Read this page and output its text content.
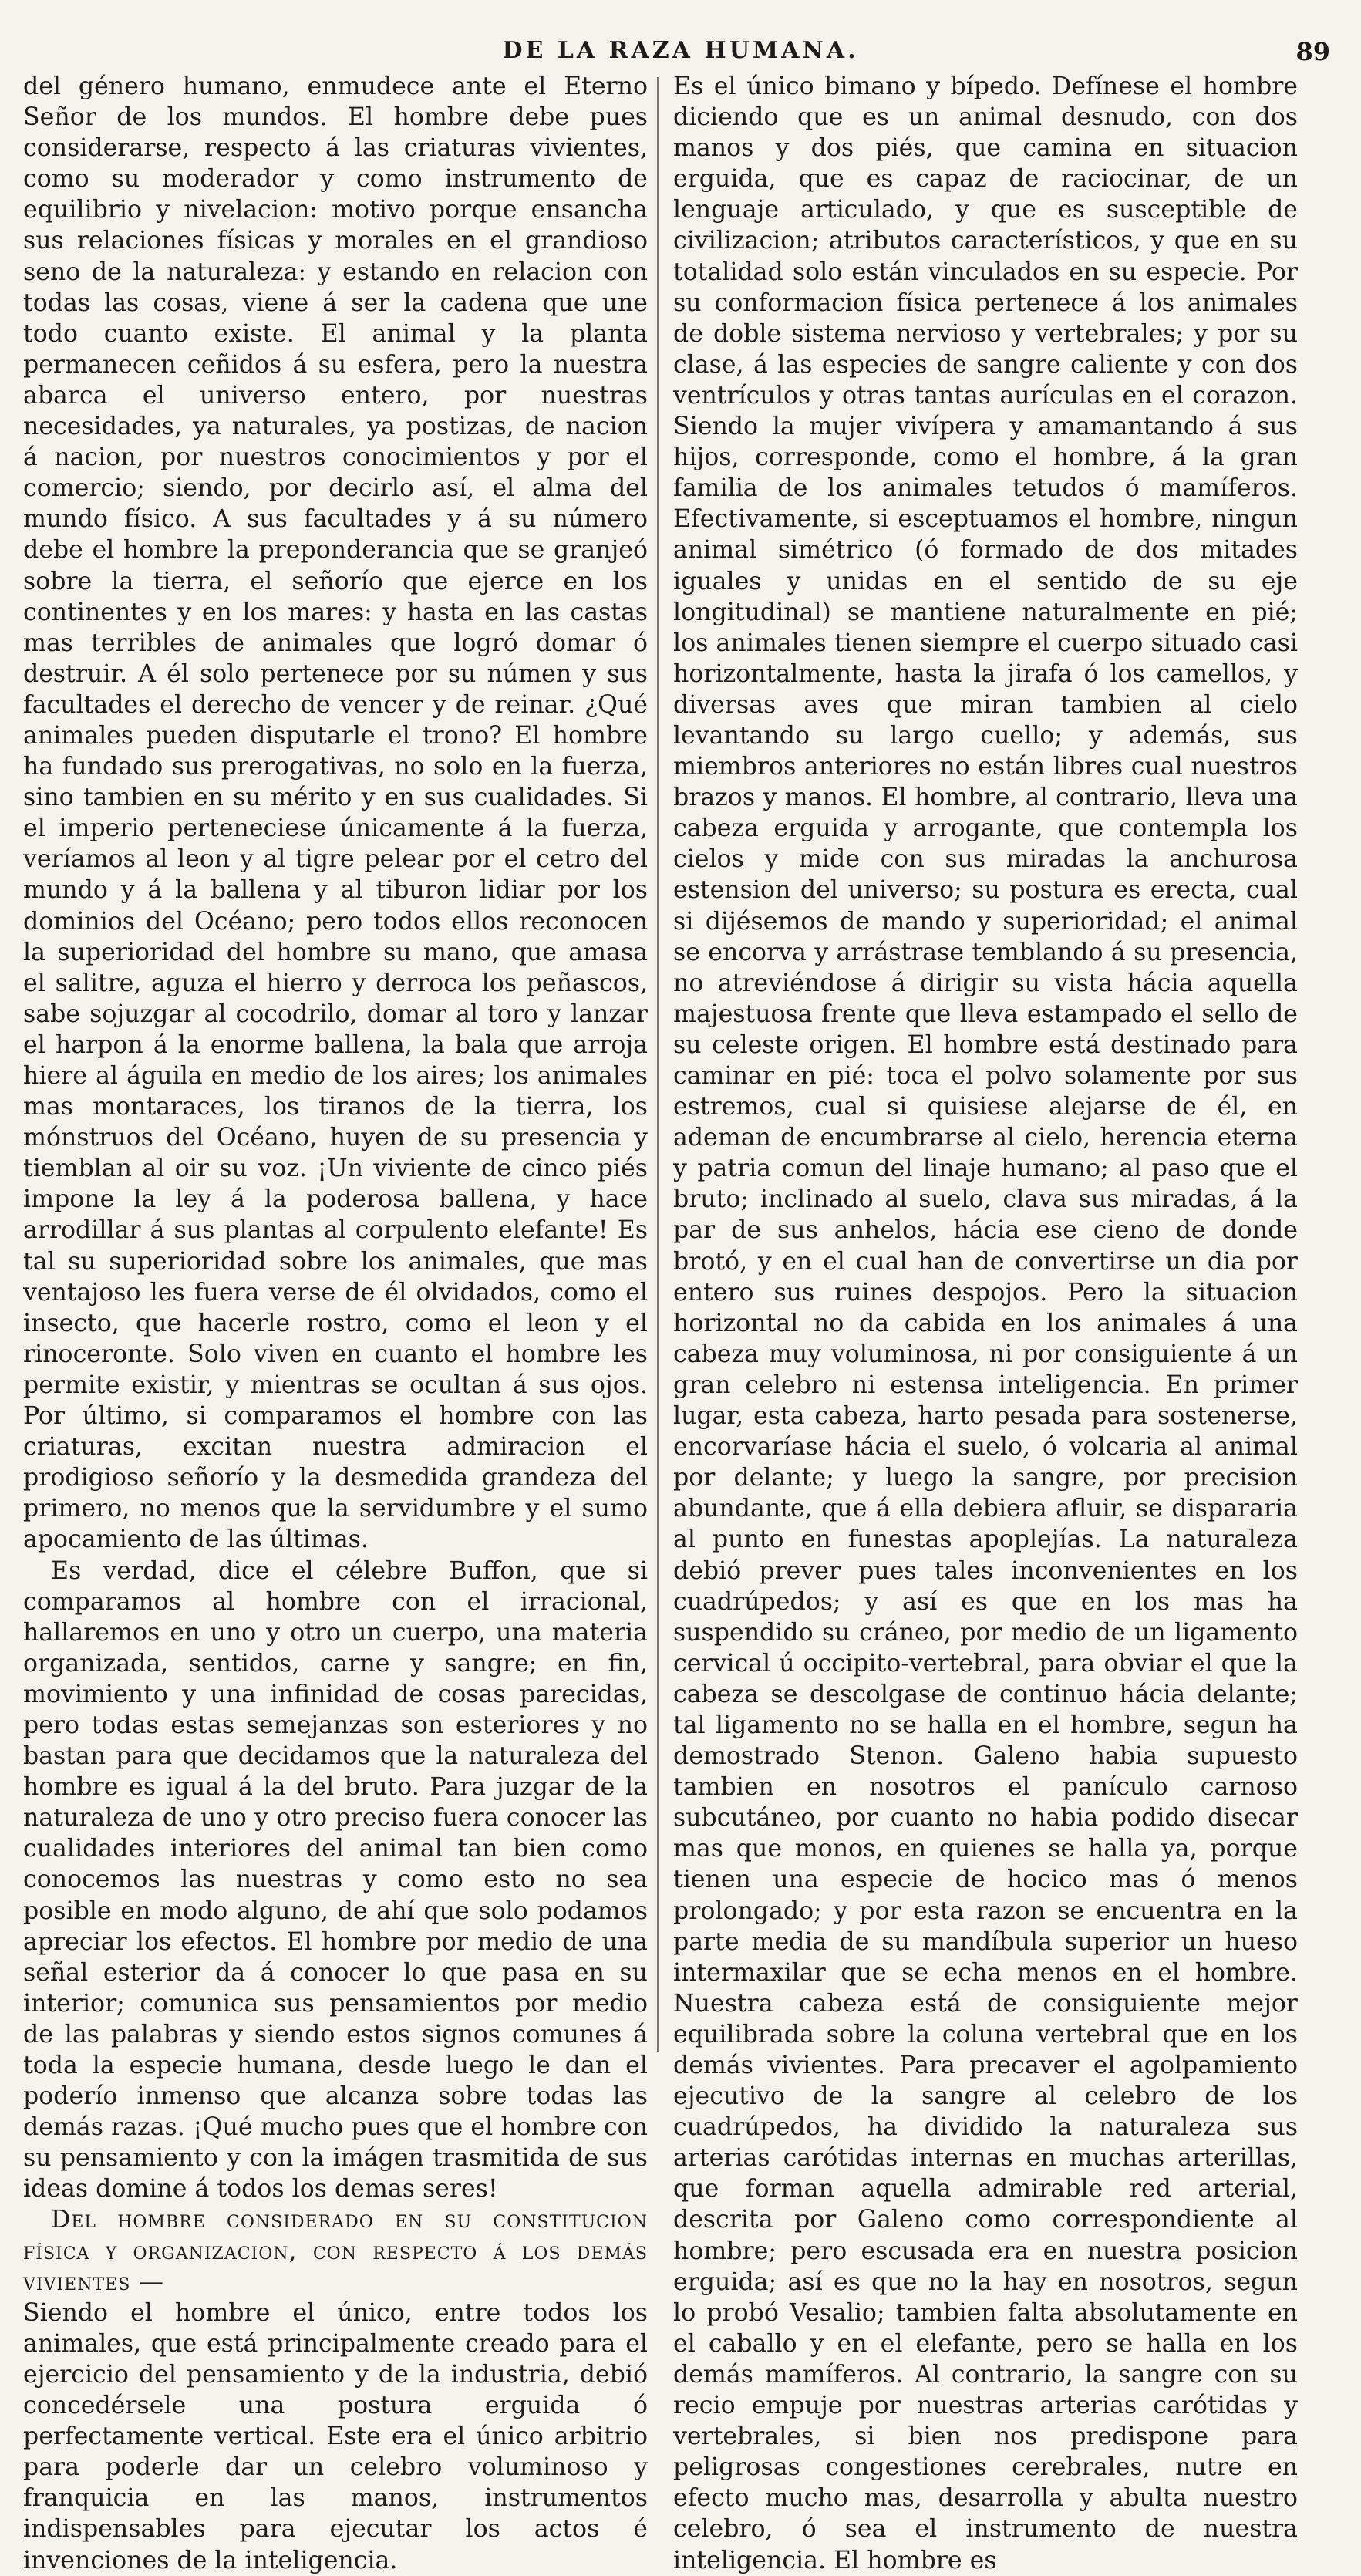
DE LA RAZA HUMANA.	89

del género humano, enmudece ante el Eterno Señor de los mundos. El hombre debe pues considerarse, respecto á las criaturas vivientes, como su moderador y como instrumento de equilibrio y nivelacion: motivo porque ensancha sus relaciones físicas y morales en el grandioso seno de la naturaleza: y estando en relacion con todas las cosas, viene á ser la cadena que une todo cuanto existe. El animal y la planta permanecen ceñidos á su esfera, pero la nuestra abarca el universo entero, por nuestras necesidades, ya naturales, ya postizas, de nacion á nacion, por nuestros conocimientos y por el comercio; siendo, por decirlo así, el alma del mundo físico. A sus facultades y á su número debe el hombre la preponderancia que se granjeó sobre la tierra, el señorío que ejerce en los continentes y en los mares: y hasta en las castas mas terribles de animales que logró domar ó destruir. A él solo pertenece por su númen y sus facultades el derecho de vencer y de reinar. ¿Qué animales pueden disputarle el trono? El hombre ha fundado sus prerogativas, no solo en la fuerza, sino tambien en su mérito y en sus cualidades. Si el imperio perteneciese únicamente á la fuerza, veríamos al leon y al tigre pelear por el cetro del mundo y á la ballena y al tiburon lidiar por los dominios del Océano; pero todos ellos reconocen la superioridad del hombre su mano, que amasa el salitre, aguza el hierro y derroca los peñascos, sabe sojuzgar al cocodrilo, domar al toro y lanzar el harpon á la enorme ballena, la bala que arroja hiere al águila en medio de los aires; los animales mas montaraces, los tiranos de la tierra, los mónstruos del Océano, huyen de su presencia y tiemblan al oir su voz. ¡Un viviente de cinco piés impone la ley á la poderosa ballena, y hace arrodillar á sus plantas al corpulento elefante! Es tal su superioridad sobre los animales, que mas ventajoso les fuera verse de él olvidados, como el insecto, que hacerle rostro, como el leon y el rinoceronte. Solo viven en cuanto el hombre les permite existir, y mientras se ocultan á sus ojos. Por último, si comparamos el hombre con las criaturas, excitan nuestra admiracion el prodigioso señorío y la desmedida grandeza del primero, no menos que la servidumbre y el sumo apocamiento de las últimas.

Es verdad, dice el célebre Buffon, que si comparamos al hombre con el irracional, hallaremos en uno y otro un cuerpo, una materia organizada, sentidos, carne y sangre; en fin, movimiento y una infinidad de cosas parecidas, pero todas estas semejanzas son esteriores y no bastan para que decidamos que la naturaleza del hombre es igual á la del bruto. Para juzgar de la naturaleza de uno y otro preciso fuera conocer las cualidades interiores del animal tan bien como conocemos las nuestras y como esto no sea posible en modo alguno, de ahí que solo podamos apreciar los efectos. El hombre por medio de una señal esterior da á conocer lo que pasa en su interior; comunica sus pensamientos por medio de las palabras y siendo estos signos comunes á toda la especie humana, desde luego le dan el poderío inmenso que alcanza sobre todas las demás razas. ¡Qué mucho pues que el hombre con su pensamiento y con la imágen trasmitida de sus ideas domine á todos los demas seres!

Del hombre considerado en su constitucion física y organizacion, con respecto á los demás vivientes —

Siendo el hombre el único, entre todos los animales, que está principalmente creado para el ejercicio del pensamiento y de la industria, debió concedérsele una postura erguida ó perfectamente vertical. Este era el único arbitrio para poderle dar un celebro voluminoso y franquicia en las manos, instrumentos indispensables para ejecutar los actos é invenciones de la inteligencia.

Es el único bimano y bípedo. Defínese el hombre diciendo que es un animal desnudo, con dos manos y dos piés, que camina en situacion erguida, que es capaz de raciocinar, de un lenguaje articulado, y que es susceptible de civilizacion; atributos característicos, y que en su totalidad solo están vinculados en su especie. Por su conformacion física pertenece á los animales de doble sistema nervioso y vertebrales; y por su clase, á las especies de sangre caliente y con dos ventrículos y otras tantas aurículas en el corazon. Siendo la mujer vivípera y amamantando á sus hijos, corresponde, como el hombre, á la gran familia de los animales tetudos ó mamíferos. Efectivamente, si esceptuamos el hombre, ningun animal simétrico (ó formado de dos mitades iguales y unidas en el sentido de su eje longitudinal) se mantiene naturalmente en pié; los animales tienen siempre el cuerpo situado casi horizontalmente, hasta la jirafa ó los camellos, y diversas aves que miran tambien al cielo levantando su largo cuello; y además, sus miembros anteriores no están libres cual nuestros brazos y manos. El hombre, al contrario, lleva una cabeza erguida y arrogante, que contempla los cielos y mide con sus miradas la anchurosa estension del universo; su postura es erecta, cual si dijésemos de mando y superioridad; el animal se encorva y arrástrase temblando á su presencia, no atreviéndose á dirigir su vista hácia aquella majestuosa frente que lleva estampado el sello de su celeste origen. El hombre está destinado para caminar en pié: toca el polvo solamente por sus estremos, cual si quisiese alejarse de él, en ademan de encumbrarse al cielo, herencia eterna y patria comun del linaje humano; al paso que el bruto; inclinado al suelo, clava sus miradas, á la par de sus anhelos, hácia ese cieno de donde brotó, y en el cual han de convertirse un dia por entero sus ruines despojos. Pero la situacion horizontal no da cabida en los animales á una cabeza muy voluminosa, ni por consiguiente á un gran celebro ni estensa inteligencia. En primer lugar, esta cabeza, harto pesada para sostenerse, encorvaríase hácia el suelo, ó volcaria al animal por delante; y luego la sangre, por precision abundante, que á ella debiera afluir, se dispararia al punto en funestas apoplejías. La naturaleza debió prever pues tales inconvenientes en los cuadrúpedos; y así es que en los mas ha suspendido su cráneo, por medio de un ligamento cervical ú occipito-vertebral, para obviar el que la cabeza se descolgase de continuo hácia delante; tal ligamento no se halla en el hombre, segun ha demostrado Stenon. Galeno habia supuesto tambien en nosotros el panículo carnoso subcutáneo, por cuanto no habia podido disecar mas que monos, en quienes se halla ya, porque tienen una especie de hocico mas ó menos prolongado; y por esta razon se encuentra en la parte media de su mandíbula superior un hueso intermaxilar que se echa menos en el hombre. Nuestra cabeza está de consiguiente mejor equilibrada sobre la coluna vertebral que en los demás vivientes. Para precaver el agolpamiento ejecutivo de la sangre al celebro de los cuadrúpedos, ha dividido la naturaleza sus arterias carótidas internas en muchas arterillas, que forman aquella admirable red arterial, descrita por Galeno como correspondiente al hombre; pero escusada era en nuestra posicion erguida; así es que no la hay en nosotros, segun lo probó Vesalio; tambien falta absolutamente en el caballo y en el elefante, pero se halla en los demás mamíferos. Al contrario, la sangre con su recio empuje por nuestras arterias carótidas y vertebrales, si bien nos predispone para peligrosas congestiones cerebrales, nutre en efecto mucho mas, desarrolla y abulta nuestro celebro, ó sea el instrumento de nuestra inteligencia. El hombre es
